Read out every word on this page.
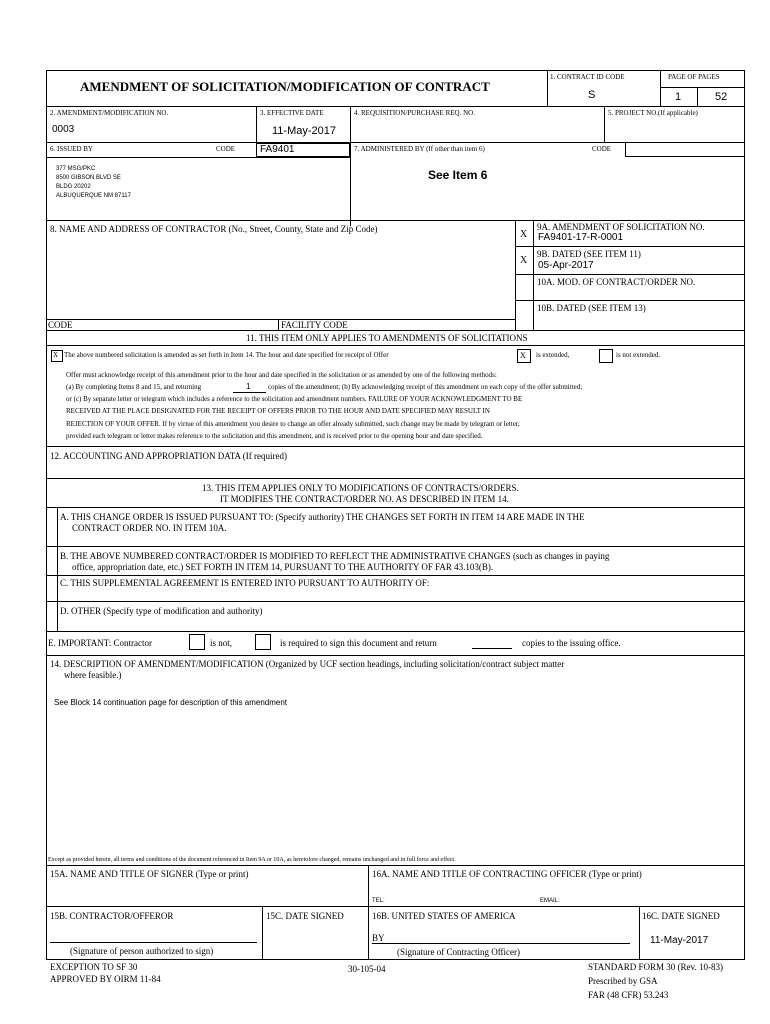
AMENDMENT OF SOLICITATION/MODIFICATION OF CONTRACT
1. CONTRACT ID CODE
S
PAGE OF PAGES
1	52
2. AMENDMENT/MODIFICATION NO.
0003
3. EFFECTIVE DATE
11-May-2017
4. REQUISITION/PURCHASE REQ. NO.	5. PROJECT NO.(If applicable)
6. ISSUED BY	CODE FA9401	7. ADMINISTERED BY (If other than item 6)	CODE
377 MSG/PKC
8500 GIBSON BLVD SE
BLDG 20202
ALBUQUERQUE NM 87117
See Item 6
8. NAME AND ADDRESS OF CONTRACTOR (No., Street, County, State and Zip Code)	X
9A. AMENDMENT OF SOLICITATION NO.
FA9401-17-R-0001
X
9B. DATED (SEE ITEM 11)
05-Apr-2017
10A. MOD. OF CONTRACT/ORDER NO.
10B. DATED (SEE ITEM 13)
CODE	FACILITY CODE
11. THIS ITEM ONLY APPLIES TO AMENDMENTS OF SOLICITATIONS
X The above numbered solicitation is amended as set forth in Item 14. The hour and date specified for receipt of Offer	X is extended,	is not extended.
Offer must acknowledge receipt of this amendment prior to the hour and date specified in the solicitation or as amended by one of the following methods:
(a) By completing Items 8 and 15, and returning	1	copies of the amendment; (b) By acknowledging receipt of this amendment on each copy of the offer submitted;
or (c) By separate letter or telegram which includes a reference to the solicitation and amendment numbers. FAILURE OF YOUR ACKNOWLEDGMENT TO BE
RECEIVED AT THE PLACE DESIGNATED FOR THE RECEIPT OF OFFERS PRIOR TO THE HOUR AND DATE SPECIFIED MAY RESULT IN
REJECTION OF YOUR OFFER. If by virtue of this amendment you desire to change an offer already submitted, such change may be made by telegram or letter,
provided each telegram or letter makes reference to the solicitation and this amendment, and is received prior to the opening hour and date specified.
12. ACCOUNTING AND APPROPRIATION DATA (If required)
13. THIS ITEM APPLIES ONLY TO MODIFICATIONS OF CONTRACTS/ORDERS.
IT MODIFIES THE CONTRACT/ORDER NO. AS DESCRIBED IN ITEM 14.
A. THIS CHANGE ORDER IS ISSUED PURSUANT TO: (Specify authority) THE CHANGES SET FORTH IN ITEM 14 ARE MADE IN THE
CONTRACT ORDER NO. IN ITEM 10A.
B. THE ABOVE NUMBERED CONTRACT/ORDER IS MODIFIED TO REFLECT THE ADMINISTRATIVE CHANGES (such as changes in paying
office, appropriation date, etc.) SET FORTH IN ITEM 14, PURSUANT TO THE AUTHORITY OF FAR 43.103(B).
C. THIS SUPPLEMENTAL AGREEMENT IS ENTERED INTO PURSUANT TO AUTHORITY OF:
D. OTHER (Specify type of modification and authority)
E. IMPORTANT: Contractor	is not,	is required to sign this document and return	copies to the issuing office.
14. DESCRIPTION OF AMENDMENT/MODIFICATION (Organized by UCF section headings, including solicitation/contract subject matter
where feasible.)
See Block 14 continuation page for description of this amendment
Except as provided herein, all terms and conditions of the document referenced in Item 9A or 10A, as heretofore changed, remains unchanged and in full force and effect.
15A. NAME AND TITLE OF SIGNER (Type or print)	16A. NAME AND TITLE OF CONTRACTING OFFICER (Type or print)
TEL:	EMAIL:
15B. CONTRACTOR/OFFEROR	15C. DATE SIGNED
(Signature of person authorized to sign)
16B. UNITED STATES OF AMERICA
BY
(Signature of Contracting Officer)
16C. DATE SIGNED
11-May-2017
EXCEPTION TO SF 30
APPROVED BY OIRM 11-84
30-105-04	STANDARD FORM 30 (Rev. 10-83)
Prescribed by GSA
FAR (48 CFR) 53.243
